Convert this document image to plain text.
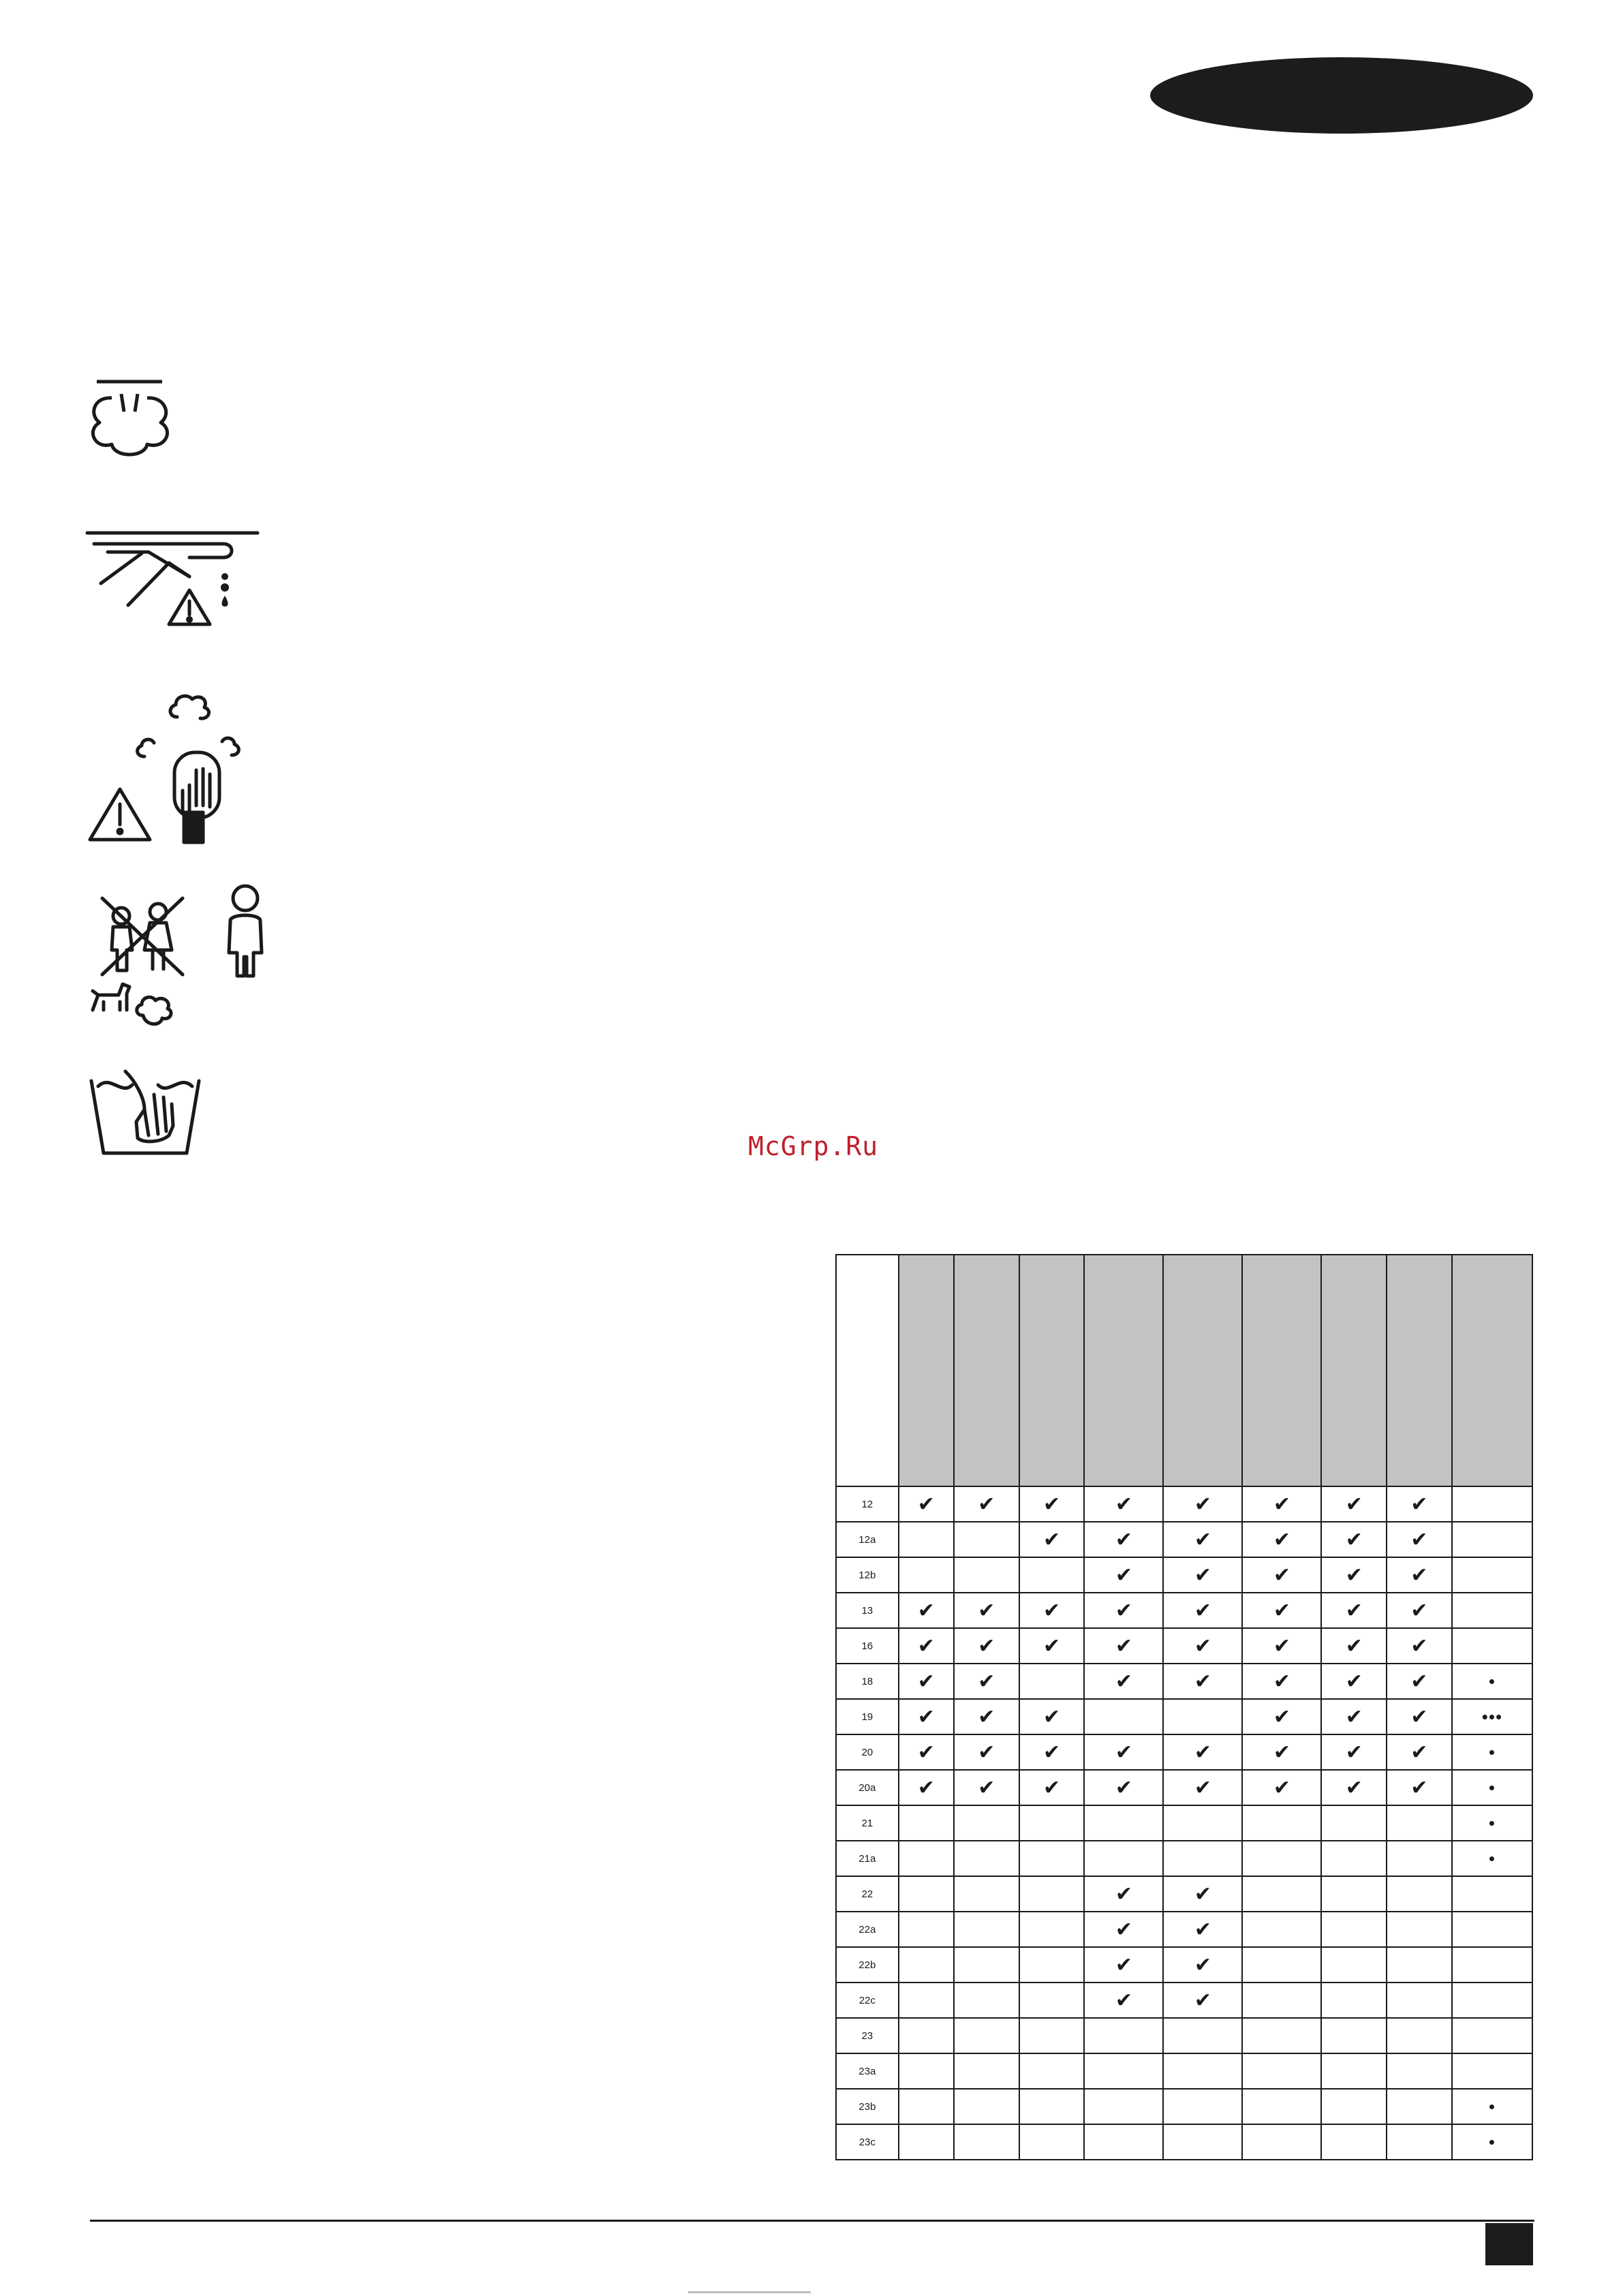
McGrp.Ru

12	✔	✔	✔	✔	✔	✔	✔	✔	
12a			✔	✔	✔	✔	✔	✔	
12b				✔	✔	✔	✔	✔	
13	✔	✔	✔	✔	✔	✔	✔	✔	
16	✔	✔	✔	✔	✔	✔	✔	✔	
18	✔	✔		✔	✔	✔	✔	✔	•
19	✔	✔	✔			✔	✔	✔	•••
20	✔	✔	✔	✔	✔	✔	✔	✔	•
20a	✔	✔	✔	✔	✔	✔	✔	✔	•
21									•
21a									•
22				✔	✔				
22a				✔	✔				
22b				✔	✔				
22c				✔	✔				
23									
23a									
23b									•
23c									•
